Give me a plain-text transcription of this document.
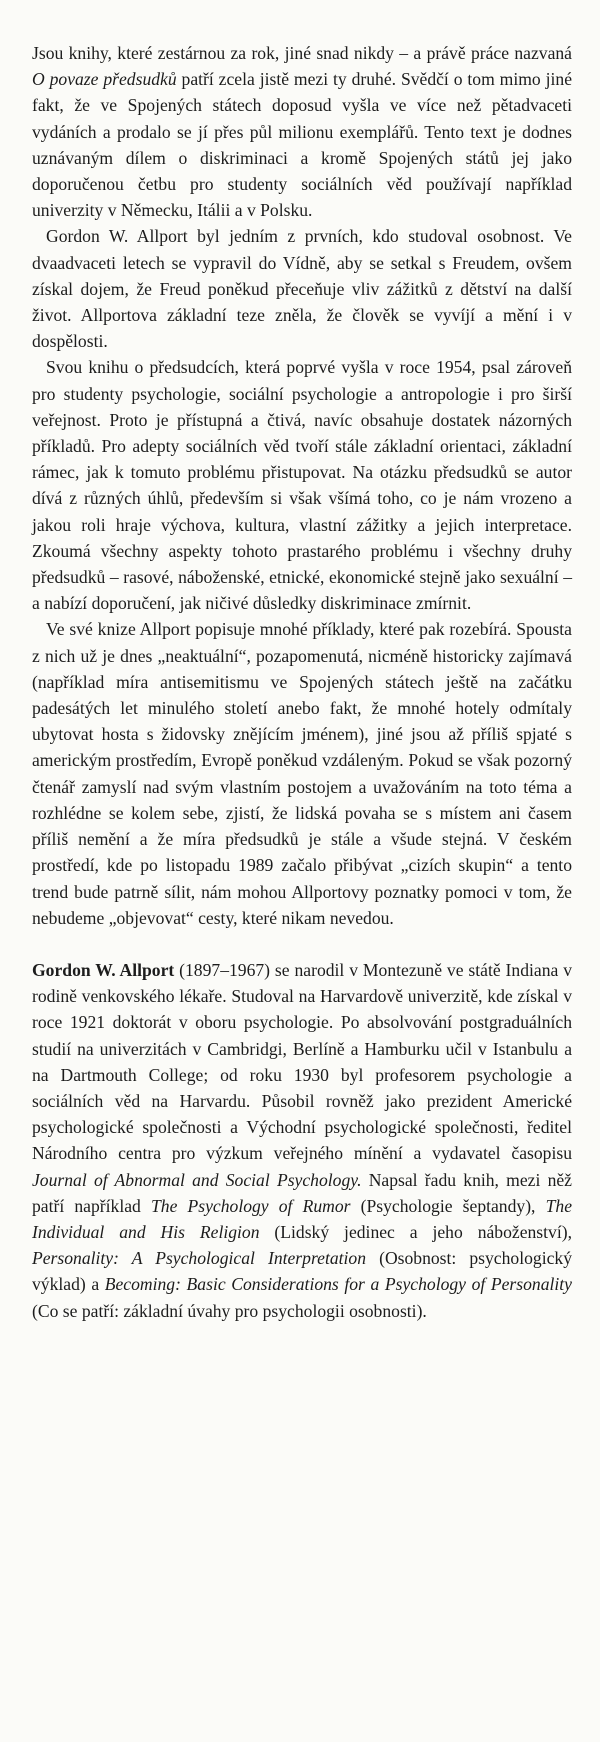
Jsou knihy, které zestárnou za rok, jiné snad nikdy – a právě práce nazvaná O povaze předsudků patří zcela jistě mezi ty druhé. Svědčí o tom mimo jiné fakt, že ve Spojených státech doposud vyšla ve více než pětadvaceti vydáních a prodalo se jí přes půl milionu exemplářů. Tento text je dodnes uznávaným dílem o diskriminaci a kromě Spojených států jej jako doporučenou četbu pro studenty sociálních věd používají například univerzity v Německu, Itálii a v Polsku.

Gordon W. Allport byl jedním z prvních, kdo studoval osobnost. Ve dvaadvaceti letech se vypravil do Vídně, aby se setkal s Freudem, ovšem získal dojem, že Freud poněkud přeceňuje vliv zážitků z dětství na další život. Allportova základní teze zněla, že člověk se vyvíjí a mění i v dospělosti.

Svou knihu o předsudcích, která poprvé vyšla v roce 1954, psal zároveň pro studenty psychologie, sociální psychologie a antropologie i pro širší veřejnost. Proto je přístupná a čtivá, navíc obsahuje dostatek názorných příkladů. Pro adepty sociálních věd tvoří stále základní orientaci, základní rámec, jak k tomuto problému přistupovat. Na otázku předsudků se autor dívá z různých úhlů, především si však všímá toho, co je nám vrozeno a jakou roli hraje výchova, kultura, vlastní zážitky a jejich interpretace. Zkoumá všechny aspekty tohoto prastarého problému i všechny druhy předsudků – rasové, náboženské, etnické, ekonomické stejně jako sexuální – a nabízí doporučení, jak ničivé důsledky diskriminace zmírnit.

Ve své knize Allport popisuje mnohé příklady, které pak rozebírá. Spousta z nich už je dnes „neaktuální“, pozapomenutá, nicméně historicky zajímavá (například míra antisemitismu ve Spojených státech ještě na začátku padesátých let minulého století anebo fakt, že mnohé hotely odmítaly ubytovat hosta s židovsky znějícím jménem), jiné jsou až příliš spjaté s americkým prostředím, Evropě poněkud vzdáleným. Pokud se však pozorný čtenář zamyslí nad svým vlastním postojem a uvažováním na toto téma a rozhlédne se kolem sebe, zjistí, že lidská povaha se s místem ani časem příliš nemění a že míra předsudků je stále a všude stejná. V českém prostředí, kde po listopadu 1989 začalo přibývat „cizích skupin“ a tento trend bude patrně sílit, nám mohou Allportovy poznatky pomoci v tom, že nebudeme „objevovat“ cesty, které nikam nevedou.

Gordon W. Allport (1897–1967) se narodil v Montezuně ve státě Indiana v rodině venkovského lékaře. Studoval na Harvardově univerzitě, kde získal v roce 1921 doktorát v oboru psychologie. Po absolvování postgraduálních studií na univerzitách v Cambridgi, Berlíně a Hamburku učil v Istanbulu a na Dartmouth College; od roku 1930 byl profesorem psychologie a sociálních věd na Harvardu. Působil rovněž jako prezident Americké psychologické společnosti a Východní psychologické společnosti, ředitel Národního centra pro výzkum veřejného mínění a vydavatel časopisu Journal of Abnormal and Social Psychology. Napsal řadu knih, mezi něž patří například The Psychology of Rumor (Psychologie šeptandy), The Individual and His Religion (Lidský jedinec a jeho náboženství), Personality: A Psychological Interpretation (Osobnost: psychologický výklad) a Becoming: Basic Considerations for a Psychology of Personality (Co se patří: základní úvahy pro psychologii osobnosti).
